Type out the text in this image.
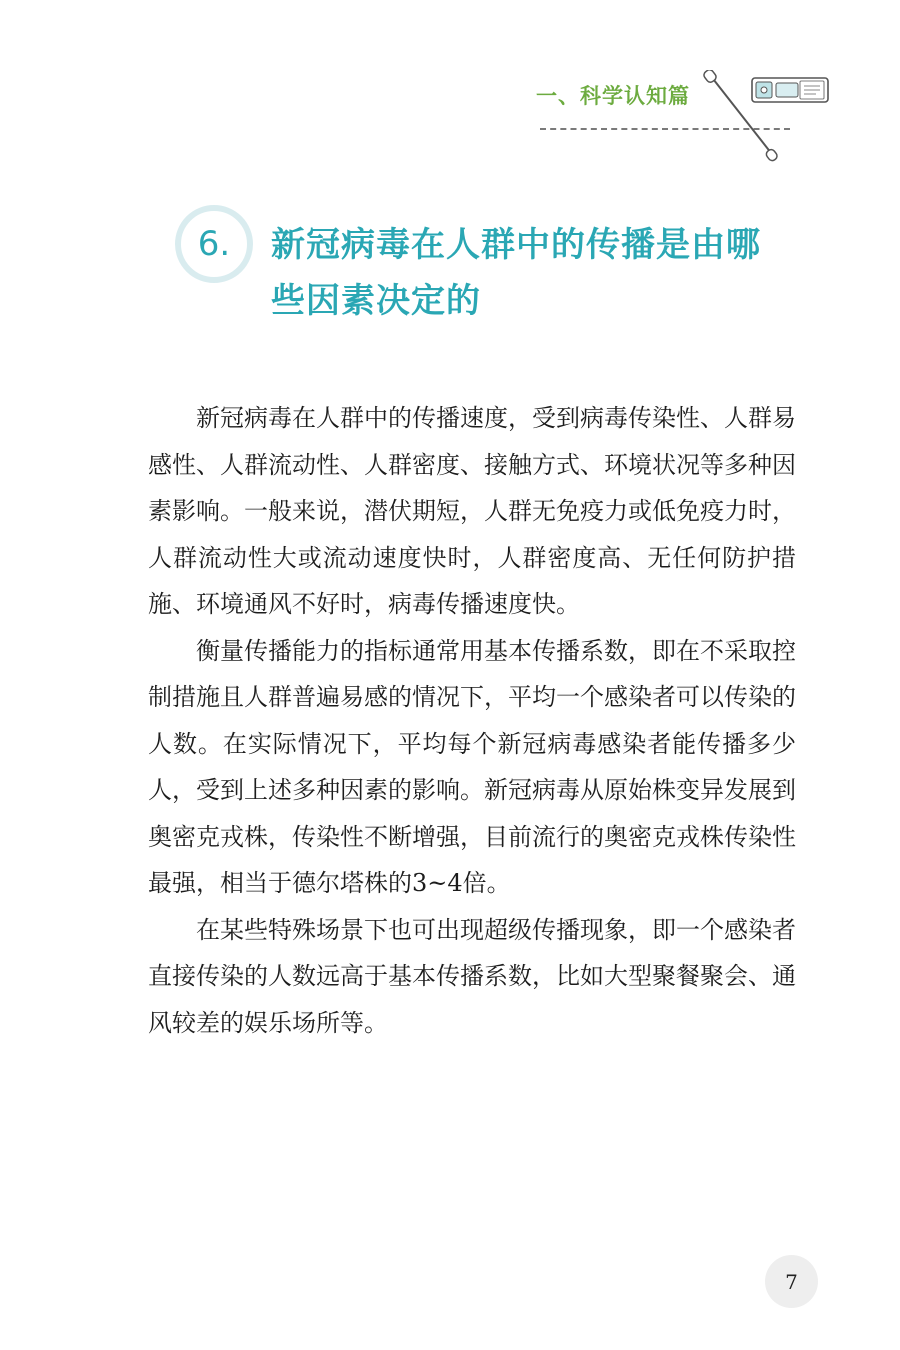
一、科学认知篇
6.	新冠病毒在人群中的传播是由哪些因素决定的

新冠病毒在人群中的传播速度，受到病毒传染性、人群易感性、人群流动性、人群密度、接触方式、环境状况等多种因素影响。一般来说，潜伏期短，人群无免疫力或低免疫力时，人群流动性大或流动速度快时，人群密度高、无任何防护措施、环境通风不好时，病毒传播速度快。

衡量传播能力的指标通常用基本传播系数，即在不采取控制措施且人群普遍易感的情况下，平均一个感染者可以传染的人数。在实际情况下，平均每个新冠病毒感染者能传播多少人，受到上述多种因素的影响。新冠病毒从原始株变异发展到奥密克戎株，传染性不断增强，目前流行的奥密克戎株传染性最强，相当于德尔塔株的3~4倍。

在某些特殊场景下也可出现超级传播现象，即一个感染者直接传染的人数远高于基本传播系数，比如大型聚餐聚会、通风较差的娱乐场所等。

7
